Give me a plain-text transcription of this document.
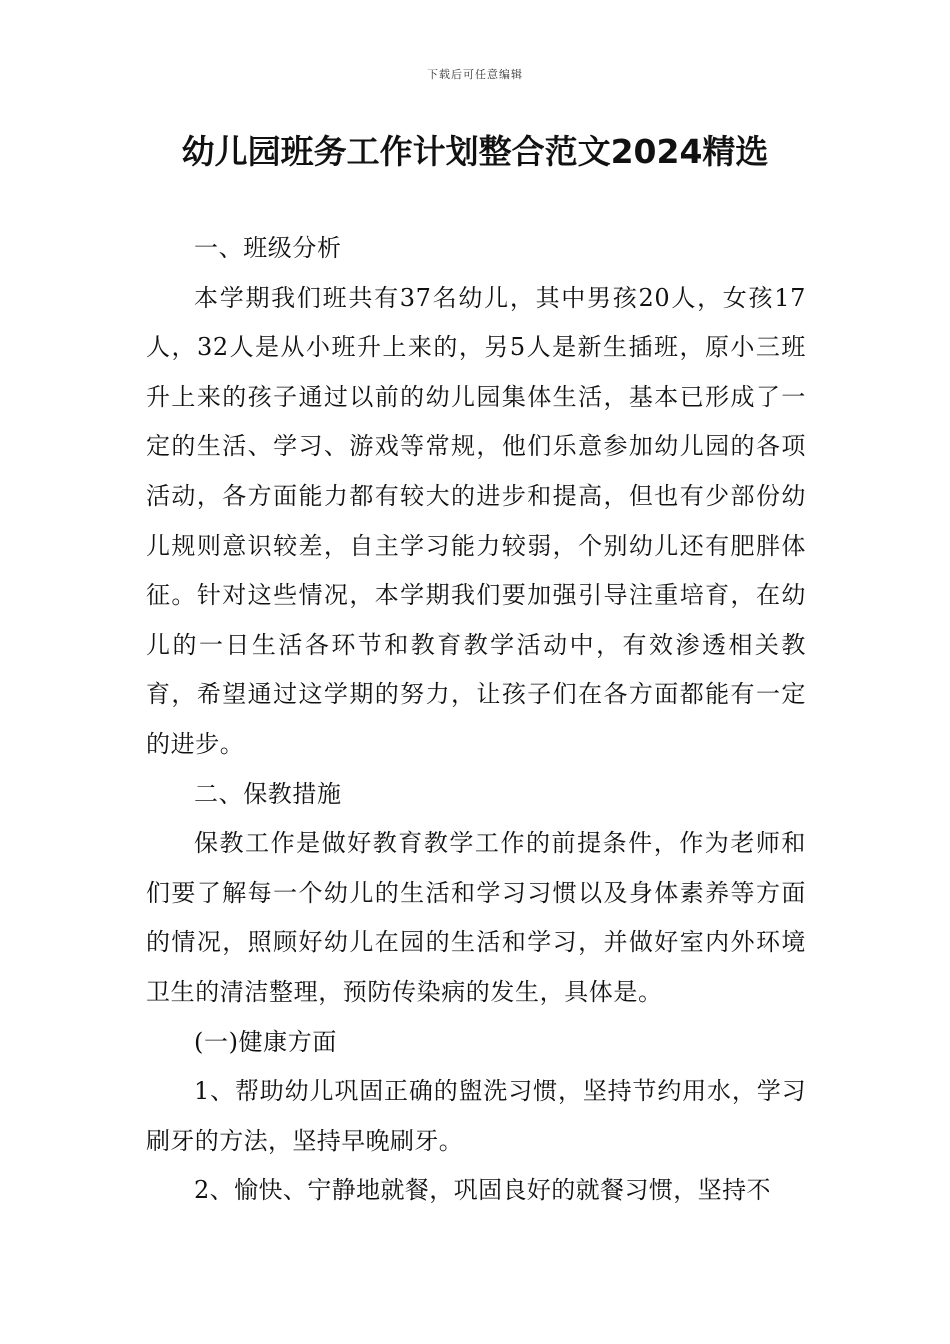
下载后可任意编辑
幼儿园班务工作计划整合范文2024精选

一、班级分析

本学期我们班共有37名幼儿，其中男孩20人，女孩17人，32人是从小班升上来的，另5人是新生插班，原小三班升上来的孩子通过以前的幼儿园集体生活，基本已形成了一定的生活、学习、游戏等常规，他们乐意参加幼儿园的各项活动，各方面能力都有较大的进步和提高，但也有少部份幼儿规则意识较差，自主学习能力较弱，个别幼儿还有肥胖体征。针对这些情况，本学期我们要加强引导注重培育，在幼儿的一日生活各环节和教育教学活动中，有效渗透相关教育，希望通过这学期的努力，让孩子们在各方面都能有一定的进步。

二、保教措施

保教工作是做好教育教学工作的前提条件，作为老师和们要了解每一个幼儿的生活和学习习惯以及身体素养等方面的情况，照顾好幼儿在园的生活和学习，并做好室内外环境卫生的清洁整理，预防传染病的发生，具体是。

(一)健康方面

1、帮助幼儿巩固正确的盥洗习惯，坚持节约用水，学习刷牙的方法，坚持早晚刷牙。

2、愉快、宁静地就餐，巩固良好的就餐习惯，坚持不
